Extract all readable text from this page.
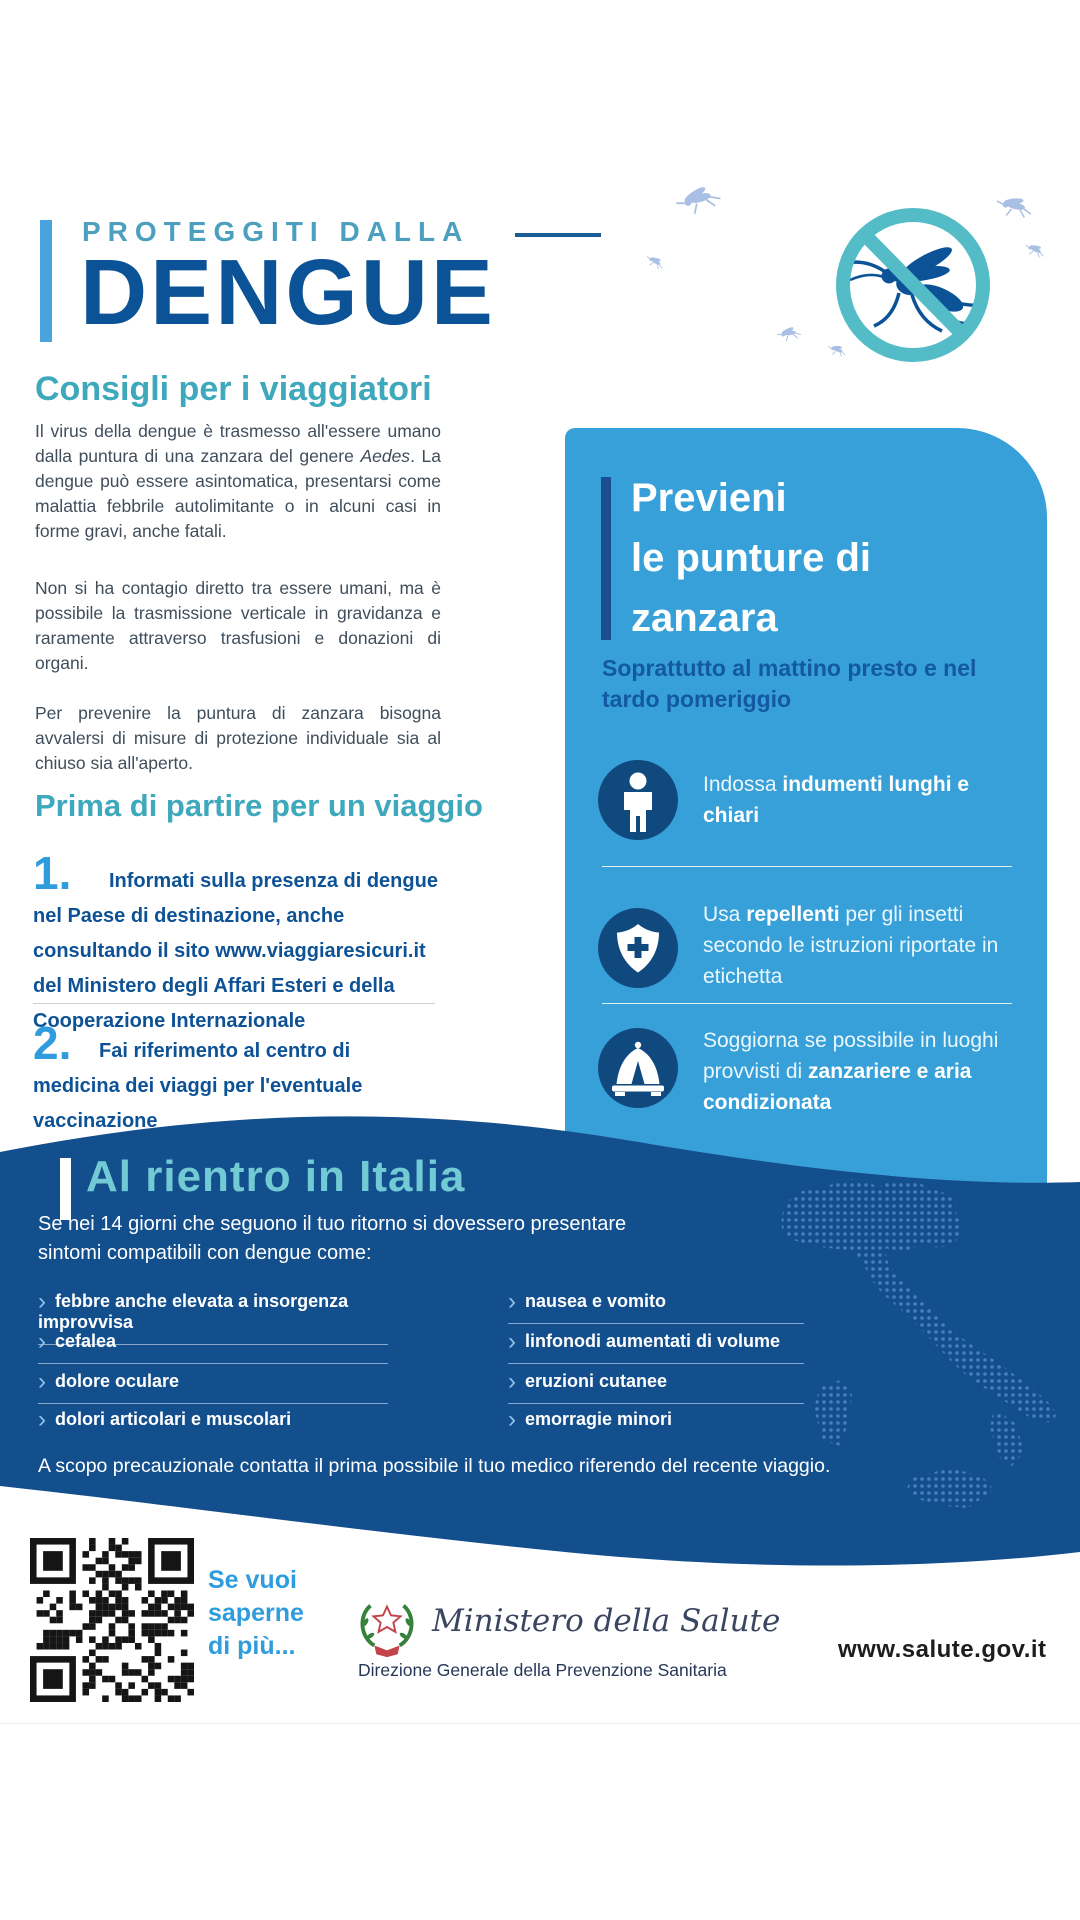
PROTEGGITI DALLA
DENGUE
Consigli per i viaggiatori
Il virus della dengue è trasmesso all'essere umano dalla puntura di una zanzara del genere Aedes. La dengue può essere asintomatica, presentarsi come malattia febbrile autolimitante o in alcuni casi in forme gravi, anche fatali.
Non si ha contagio diretto tra essere umani, ma è possibile la trasmissione verticale in gravidanza e raramente attraverso trasfusioni e donazioni di organi.
Per prevenire la puntura di zanzara bisogna avvalersi di misure di protezione individuale sia al chiuso sia all'aperto.
Prima di partire per un viaggio
1.	Informati sulla presenza di dengue nel Paese di destinazione, anche consultando il sito www.viaggiaresicuri.it del Ministero degli Affari Esteri e della Cooperazione Internazionale
2.	Fai riferimento al centro di medicina dei viaggi per l'eventuale vaccinazione
Previeni
le punture di
zanzara
Soprattutto al mattino presto e nel tardo pomeriggio
Indossa indumenti lunghi e chiari
Usa repellenti per gli insetti secondo le istruzioni riportate in etichetta
Soggiorna se possibile in luoghi provvisti di zanzariere e aria condizionata
Al rientro in Italia
Se nei 14 giorni che seguono il tuo ritorno si dovessero presentare sintomi compatibili con dengue come:
› febbre anche elevata a insorgenza improvvisa
› cefalea
› dolore oculare
› dolori articolari e muscolari
› nausea e vomito
› linfonodi aumentati di volume
› eruzioni cutanee
› emorragie minori
A scopo precauzionale contatta il prima possibile il tuo medico riferendo del recente viaggio.
Se vuoi
saperne
di più...
Ministero della Salute
Direzione Generale della Prevenzione Sanitaria
www.salute.gov.it
